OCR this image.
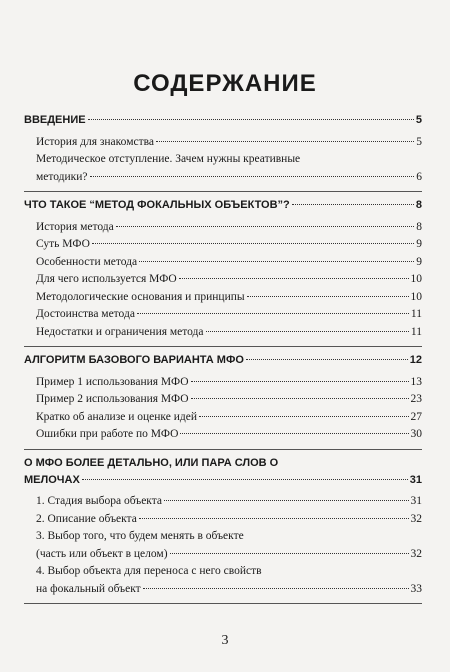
СОДЕРЖАНИЕ
ВВЕДЕНИЕ	5
История для знакомства	5
Методическое отступление. Зачем нужны креативные
методики?	6
ЧТО ТАКОЕ “МЕТОД ФОКАЛЬНЫХ ОБЪЕКТОВ”?	8
История метода	8
Суть МФО	9
Особенности метода	9
Для чего используется МФО	10
Методологические основания и принципы	10
Достоинства метода	11
Недостатки и ограничения метода	11
АЛГОРИТМ БАЗОВОГО ВАРИАНТА МФО	12
Пример 1 использования МФО	13
Пример 2 использования МФО	23
Кратко об анализе и оценке идей	27
Ошибки при работе по МФО	30
О МФО БОЛЕЕ ДЕТАЛЬНО, ИЛИ ПАРА СЛОВ О
МЕЛОЧАХ	31
1. Стадия выбора объекта	31
2. Описание объекта	32
3. Выбор того, что будем менять в объекте
(часть или объект в целом)	32
4. Выбор объекта для переноса с него свойств
на фокальный объект	33
3
